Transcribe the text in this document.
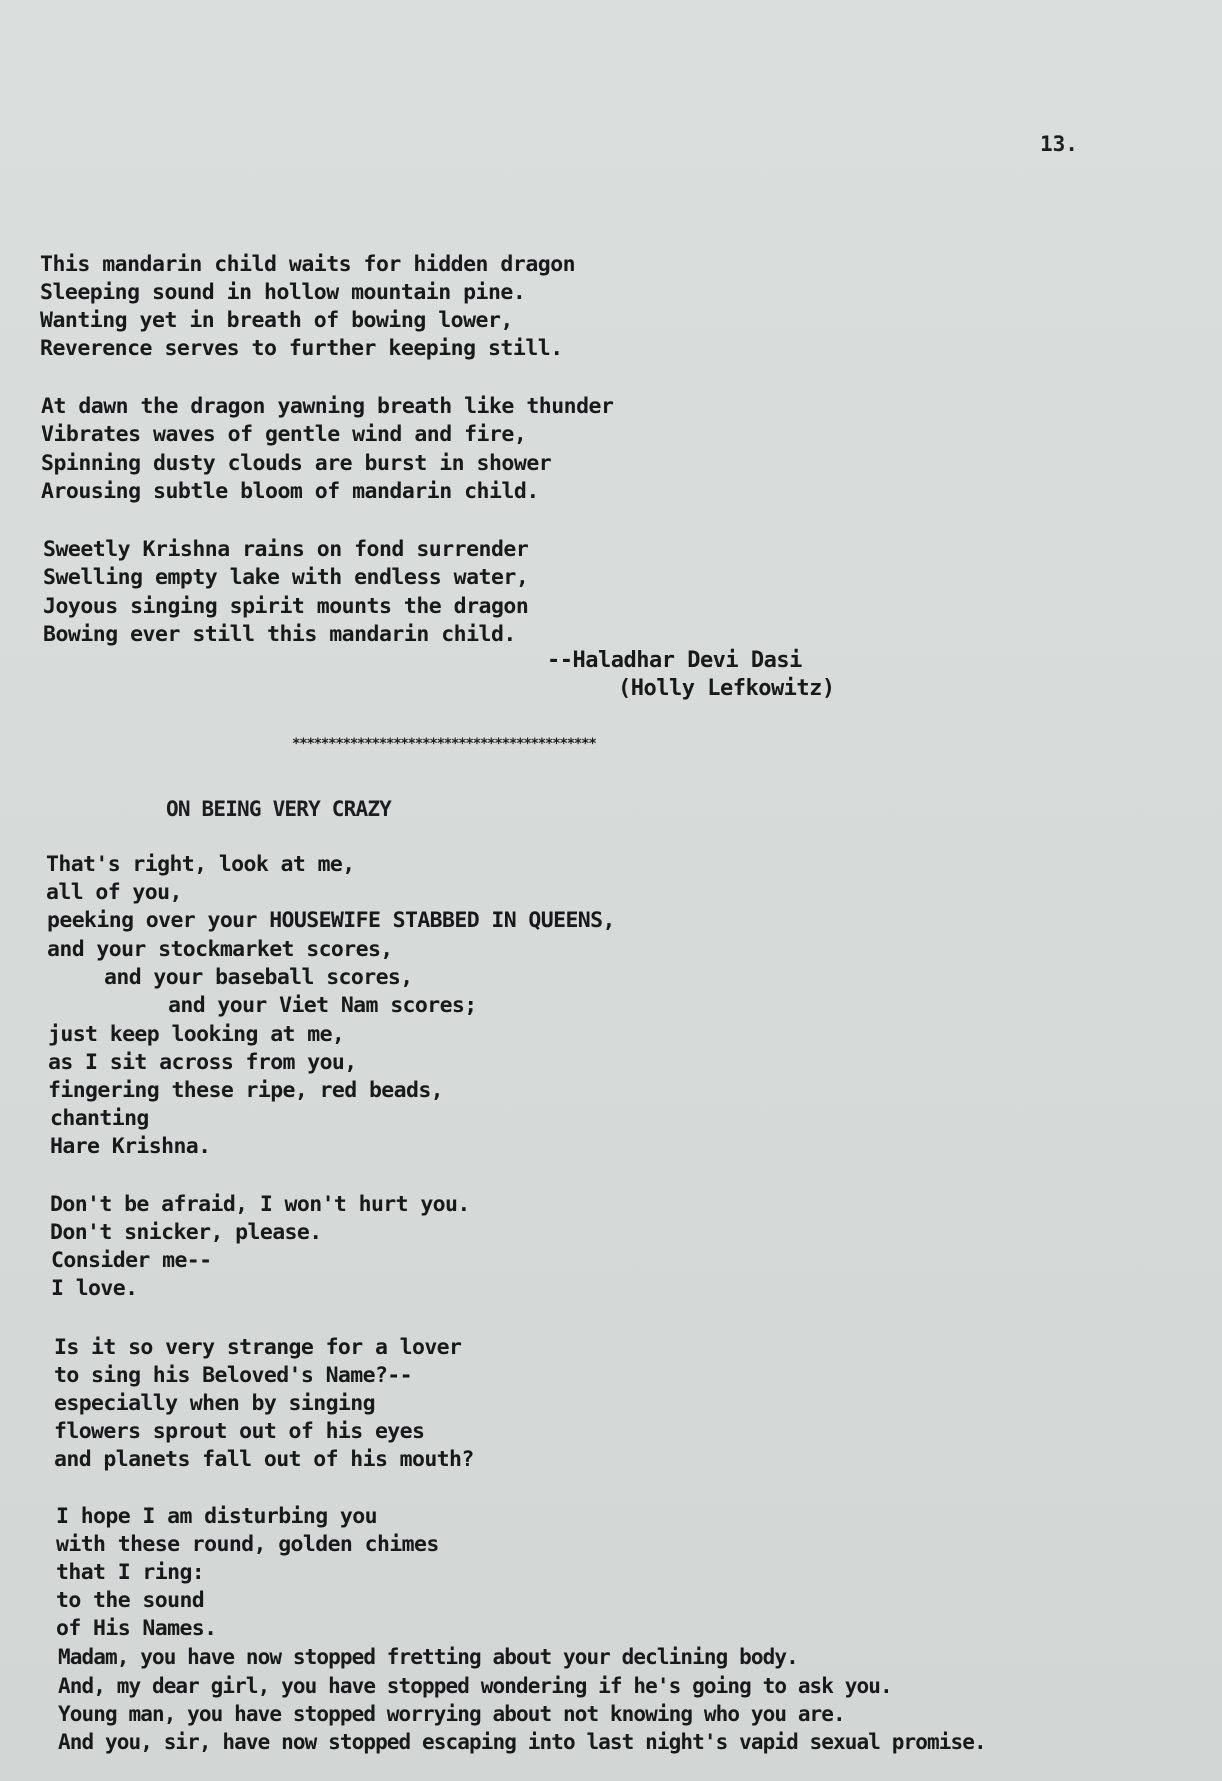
13.
This mandarin child waits for hidden dragon
Sleeping sound in hollow mountain pine.
Wanting yet in breath of bowing lower,
Reverence serves to further keeping still.
At dawn the dragon yawning breath like thunder
Vibrates waves of gentle wind and fire,
Spinning dusty clouds are burst in shower
Arousing subtle bloom of mandarin child.
Sweetly Krishna rains on fond surrender
Swelling empty lake with endless water,
Joyous singing spirit mounts the dragon
Bowing ever still this mandarin child.
--Haladhar Devi Dasi
(Holly Lefkowitz)
******************************************
ON BEING VERY CRAZY
That's right, look at me,
all of you,
peeking over your HOUSEWIFE STABBED IN QUEENS,
and your stockmarket scores,
and your baseball scores,
and your Viet Nam scores;
just keep looking at me,
as I sit across from you,
fingering these ripe, red beads,
chanting
Hare Krishna.
Don't be afraid, I won't hurt you.
Don't snicker, please.
Consider me--
I love.
Is it so very strange for a lover
to sing his Beloved's Name?--
especially when by singing
flowers sprout out of his eyes
and planets fall out of his mouth?
I hope I am disturbing you
with these round, golden chimes
that I ring:
to the sound
of His Names.
Madam, you have now stopped fretting about your declining body.
And, my dear girl, you have stopped wondering if he's going to ask you.
Young man, you have stopped worrying about not knowing who you are.
And you, sir, have now stopped escaping into last night's vapid sexual promise.
